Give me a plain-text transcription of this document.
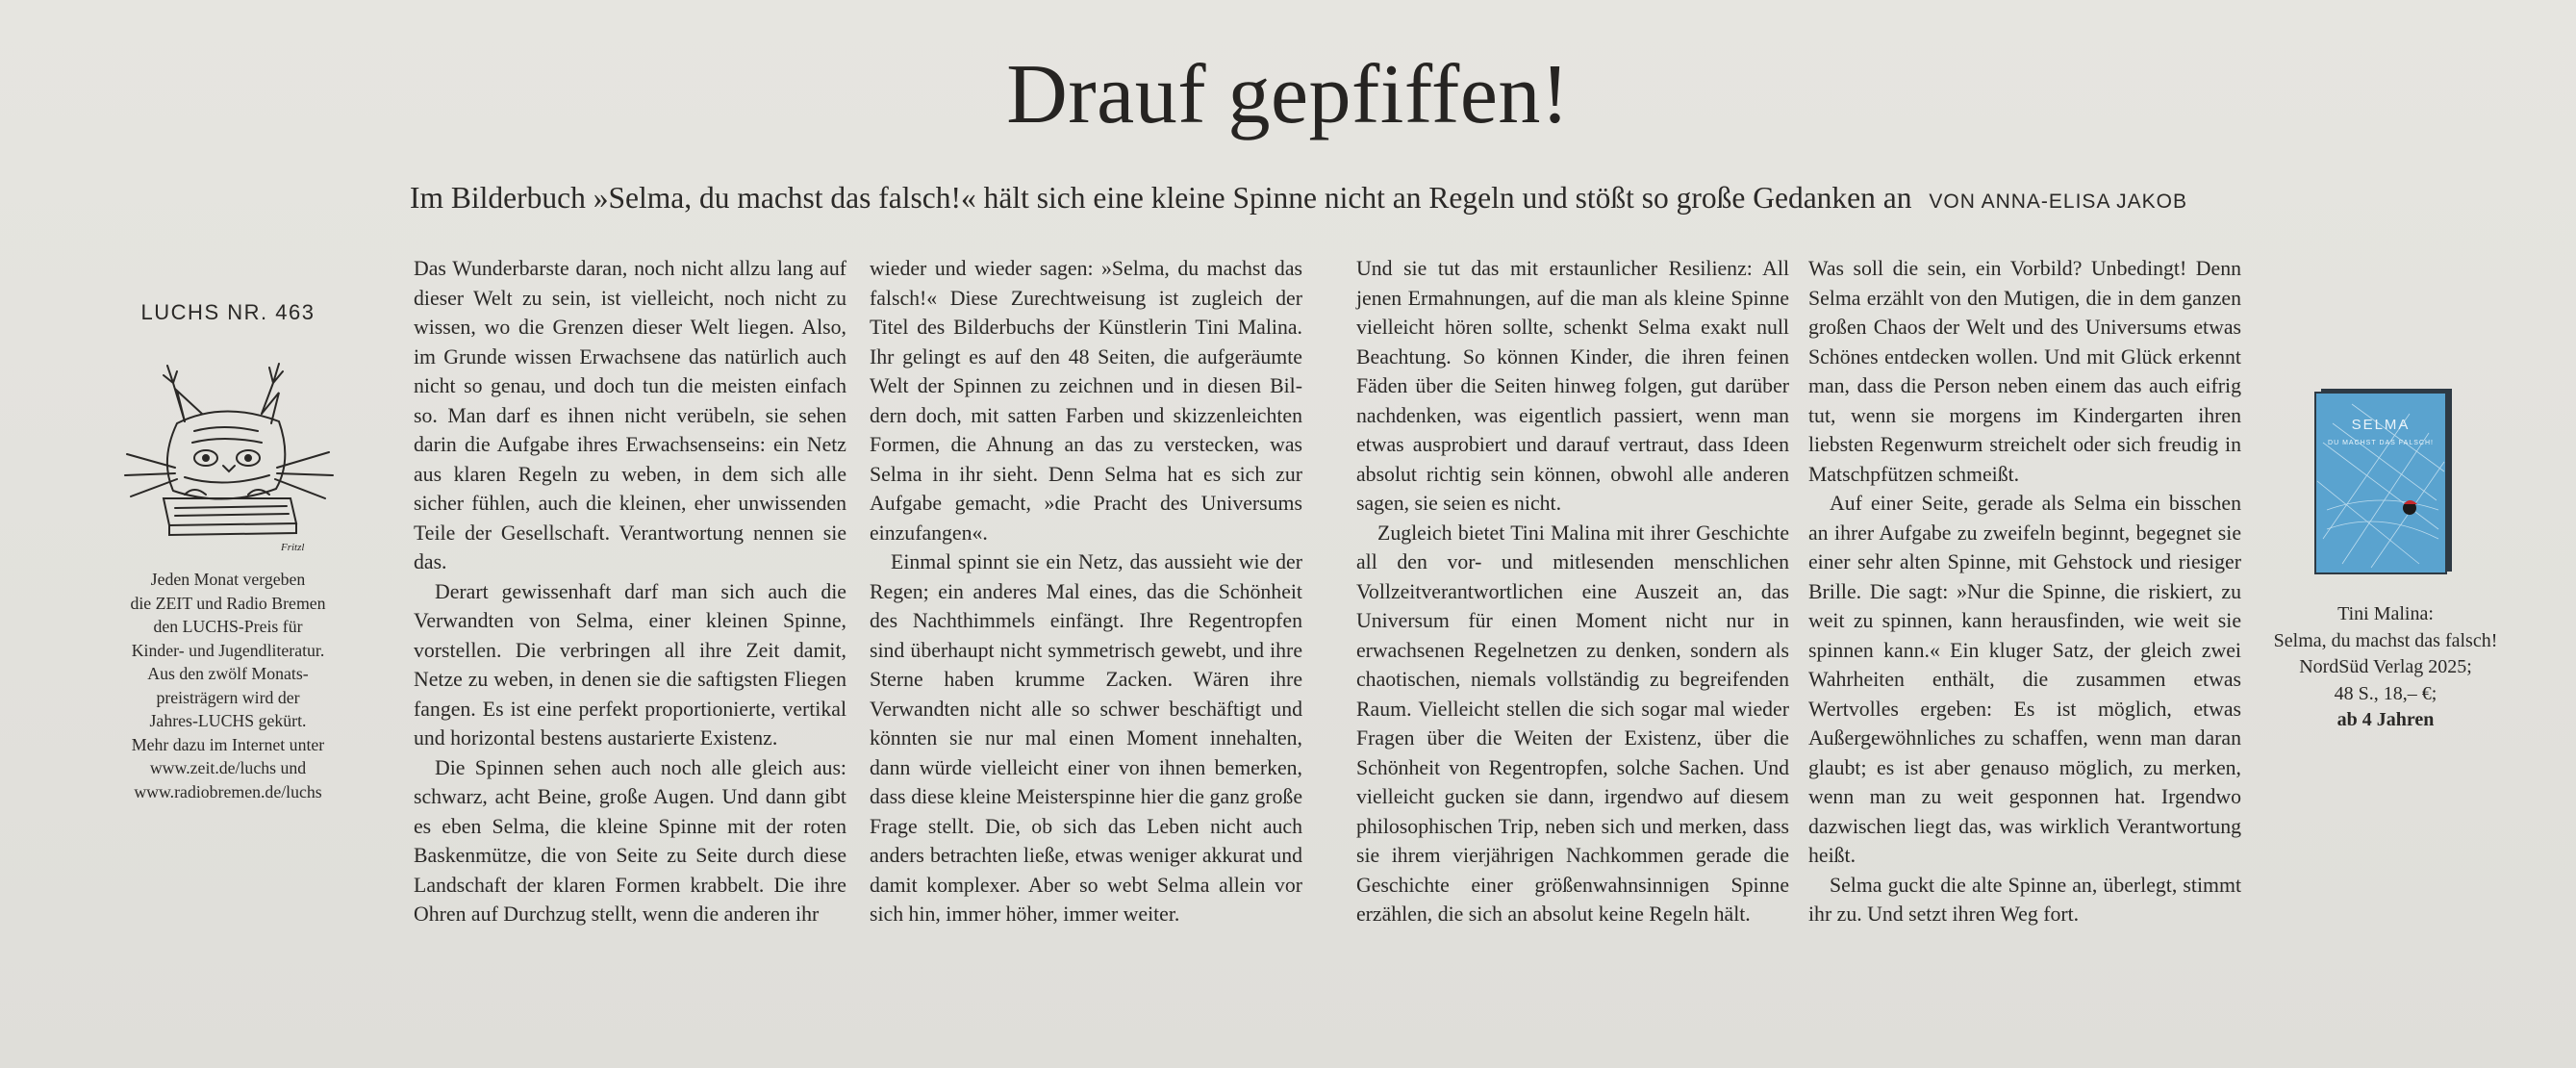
Drauf gepfiffen!
Im Bilderbuch »Selma, du machst das falsch!« hält sich eine kleine Spinne nicht an Regeln und stößt so große Gedanken an VON ANNA-ELISA JAKOB
LUCHS NR. 463
Fritzl
Jeden Monat vergeben
die ZEIT und Radio Bremen
den LUCHS-Preis für
Kinder- und Jugendliteratur.
Aus den zwölf Monats-
preisträgern wird der
Jahres-LUCHS gekürt.
Mehr dazu im Internet unter
www.zeit.de/luchs und
www.radiobremen.de/luchs

Das Wunderbarste daran, noch nicht allzu lang auf dieser Welt zu sein, ist vielleicht, noch nicht zu wissen, wo die Grenzen dieser Welt liegen. Also, im Grunde wissen Erwachsene das natürlich auch nicht so genau, und doch tun die meisten einfach so. Man darf es ihnen nicht verübeln, sie sehen darin die Aufgabe ihres Erwachsenseins: ein Netz aus klaren Regeln zu weben, in dem sich alle sicher fühlen, auch die kleinen, eher unwissenden Teile der Gesellschaft. Verantwortung nennen sie das.

Derart gewissenhaft darf man sich auch die Verwandten von Selma, einer kleinen Spinne, vorstellen. Die verbringen all ihre Zeit damit, Netze zu weben, in denen sie die saftigsten Fliegen fangen. Es ist eine perfekt proportionierte, vertikal und horizontal bestens austarierte Existenz.

Die Spinnen sehen auch noch alle gleich aus: schwarz, acht Beine, große Augen. Und dann gibt es eben Selma, die kleine Spinne mit der roten Baskenmütze, die von Seite zu Seite durch diese Landschaft der klaren Formen krabbelt. Die ihre Ohren auf Durchzug stellt, wenn die anderen ihr

wieder und wieder sagen: »Selma, du machst das falsch!« Diese Zurechtweisung ist zugleich der Titel des Bilderbuchs der Künstlerin Tini Malina. Ihr gelingt es auf den 48 Seiten, die aufgeräumte Welt der Spinnen zu zeichnen und in diesen Bildern doch, mit satten Farben und skizzenleichten Formen, die Ahnung an das zu verstecken, was Selma in ihr sieht. Denn Selma hat es sich zur Aufgabe gemacht, »die Pracht des Universums einzufangen«.

Einmal spinnt sie ein Netz, das aussieht wie der Regen; ein anderes Mal eines, das die Schönheit des Nachthimmels einfängt. Ihre Regentropfen sind überhaupt nicht symmetrisch gewebt, und ihre Sterne haben krumme Zacken. Wären ihre Verwandten nicht alle so schwer beschäftigt und könnten sie nur mal einen Moment innehalten, dann würde vielleicht einer von ihnen bemerken, dass diese kleine Meisterspinne hier die ganz große Frage stellt. Die, ob sich das Leben nicht auch anders betrachten ließe, etwas weniger akkurat und damit komplexer. Aber so webt Selma allein vor sich hin, immer höher, immer weiter.

Und sie tut das mit erstaunlicher Resilienz: All jenen Ermahnungen, auf die man als kleine Spinne vielleicht hören sollte, schenkt Selma exakt null Beachtung. So können Kinder, die ihren feinen Fäden über die Seiten hinweg folgen, gut darüber nachdenken, was eigentlich passiert, wenn man etwas ausprobiert und darauf vertraut, dass Ideen absolut richtig sein können, obwohl alle anderen sagen, sie seien es nicht.

Zugleich bietet Tini Malina mit ihrer Geschichte all den vor- und mitlesenden menschlichen Vollzeitverantwortlichen eine Auszeit an, das Universum für einen Moment nicht nur in erwachsenen Regelnetzen zu denken, sondern als chaotischen, niemals vollständig zu begreifenden Raum. Vielleicht stellen die sich sogar mal wieder Fragen über die Weiten der Existenz, über die Schönheit von Regentropfen, solche Sachen. Und vielleicht gucken sie dann, irgendwo auf diesem philosophischen Trip, neben sich und merken, dass sie ihrem vierjährigen Nachkommen gerade die Geschichte einer größenwahnsinnigen Spinne erzählen, die sich an absolut keine Regeln hält.

Was soll die sein, ein Vorbild? Unbedingt! Denn Selma erzählt von den Mutigen, die in dem ganzen großen Chaos der Welt und des Universums etwas Schönes entdecken wollen. Und mit Glück erkennt man, dass die Person neben einem das auch eifrig tut, wenn sie morgens im Kindergarten ihren liebsten Regenwurm streichelt oder sich freudig in Matschpfützen schmeißt.

Auf einer Seite, gerade als Selma ein bisschen an ihrer Aufgabe zu zweifeln beginnt, begegnet sie einer sehr alten Spinne, mit Gehstock und riesiger Brille. Die sagt: »Nur die Spinne, die riskiert, zu weit zu spinnen, kann herausfinden, wie weit sie spinnen kann.« Ein kluger Satz, der gleich zwei Wahrheiten enthält, die zusammen etwas Wertvolles ergeben: Es ist möglich, etwas Außergewöhnliches zu schaffen, wenn man daran glaubt; es ist aber genauso möglich, zu merken, wenn man zu weit gesponnen hat. Irgendwo dazwischen liegt das, was wirklich Verantwortung heißt.

Selma guckt die alte Spinne an, überlegt, stimmt ihr zu. Und setzt ihren Weg fort.

SELMA
DU MACHST DAS FALSCH!
Tini Malina:
Selma, du machst das falsch!
NordSüd Verlag 2025;
48 S., 18,– €;
ab 4 Jahren
